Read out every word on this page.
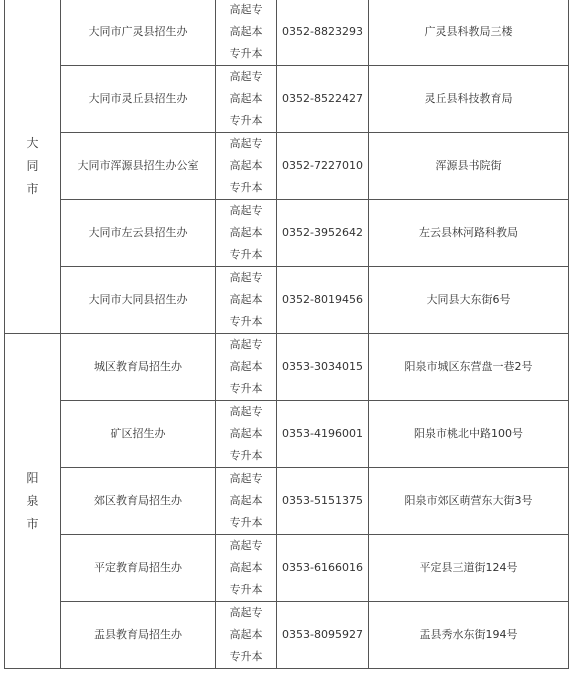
大
同
市	大同市广灵县招生办	高起专
高起本
专升本	0352-8823293	广灵县科教局三楼
	大同市灵丘县招生办	高起专
高起本
专升本	0352-8522427	灵丘县科技教育局
	大同市浑源县招生办公室	高起专
高起本
专升本	0352-7227010	浑源县书院街
	大同市左云县招生办	高起专
高起本
专升本	0352-3952642	左云县林河路科教局
	大同市大同县招生办	高起专
高起本
专升本	0352-8019456	大同县大东街6号

阳
泉
市	城区教育局招生办	高起专
高起本
专升本	0353-3034015	阳泉市城区东营盘一巷2号
	矿区招生办	高起专
高起本
专升本	0353-4196001	阳泉市桃北中路100号
	郊区教育局招生办	高起专
高起本
专升本	0353-5151375	阳泉市郊区萌营东大街3号
	平定教育局招生办	高起专
高起本
专升本	0353-6166016	平定县三道街124号
	盂县教育局招生办	高起专
高起本
专升本	0353-8095927	盂县秀水东街194号
